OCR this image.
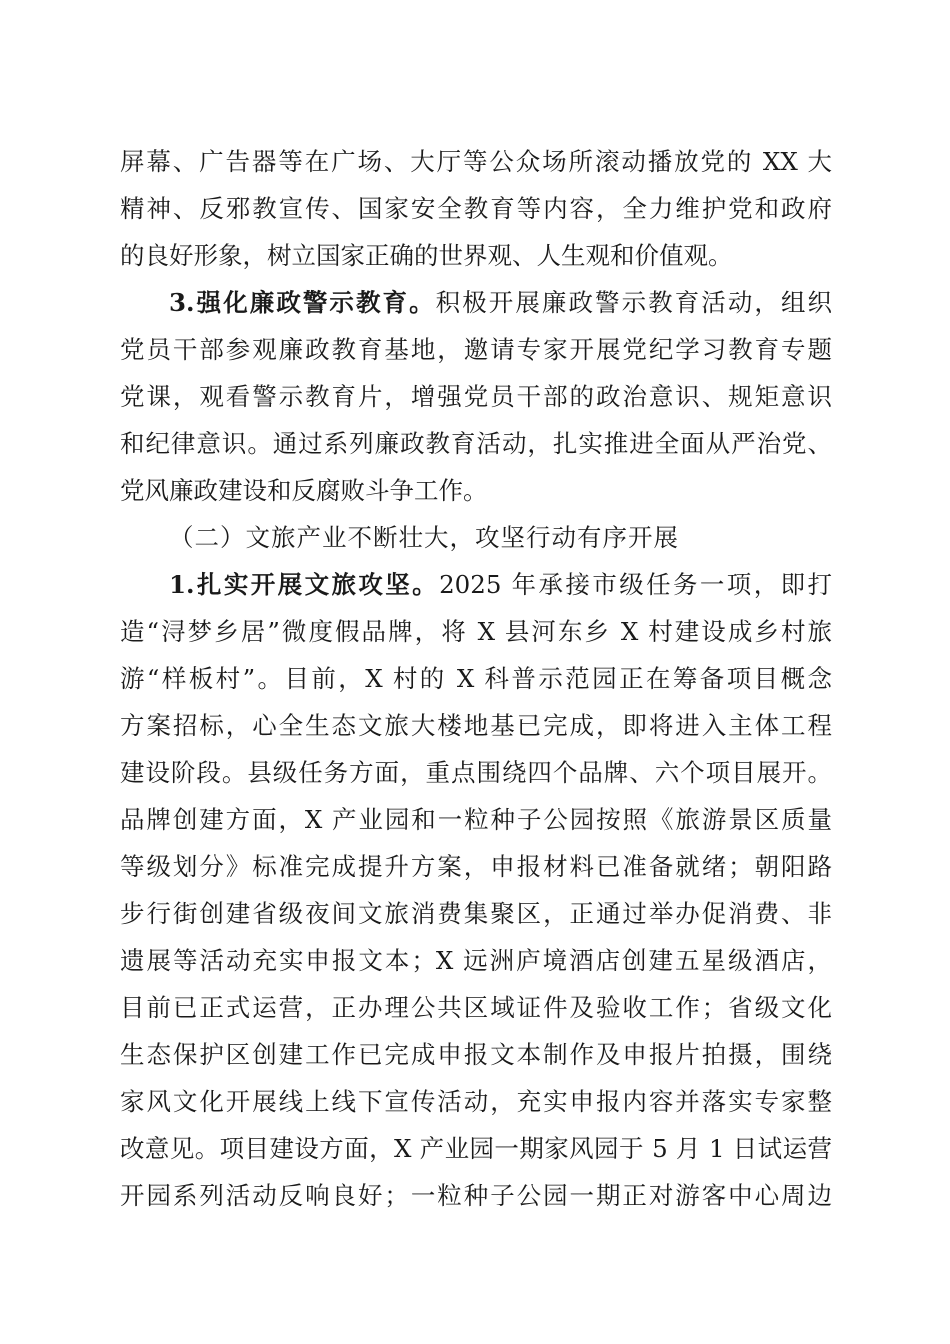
屏幕、广告器等在广场、大厅等公众场所滚动播放党的 XX 大
精神、反邪教宣传、国家安全教育等内容，全力维护党和政府
的良好形象，树立国家正确的世界观、人生观和价值观。
3.强化廉政警示教育。积极开展廉政警示教育活动，组织
党员干部参观廉政教育基地，邀请专家开展党纪学习教育专题
党课，观看警示教育片，增强党员干部的政治意识、规矩意识
和纪律意识。通过系列廉政教育活动，扎实推进全面从严治党、
党风廉政建设和反腐败斗争工作。
（二）文旅产业不断壮大，攻坚行动有序开展
1.扎实开展文旅攻坚。2025 年承接市级任务一项，即打
造“浔梦乡居”微度假品牌，将 X 县河东乡 X 村建设成乡村旅
游“样板村”。目前，X 村的 X 科普示范园正在筹备项目概念
方案招标，心全生态文旅大楼地基已完成，即将进入主体工程
建设阶段。县级任务方面，重点围绕四个品牌、六个项目展开。
品牌创建方面，X 产业园和一粒种子公园按照《旅游景区质量
等级划分》标准完成提升方案，申报材料已准备就绪；朝阳路
步行街创建省级夜间文旅消费集聚区，正通过举办促消费、非
遗展等活动充实申报文本；X 远洲庐境酒店创建五星级酒店，
目前已正式运营，正办理公共区域证件及验收工作；省级文化
生态保护区创建工作已完成申报文本制作及申报片拍摄，围绕
家风文化开展线上线下宣传活动，充实申报内容并落实专家整
改意见。项目建设方面，X 产业园一期家风园于 5 月 1 日试运营
开园系列活动反响良好；一粒种子公园一期正对游客中心周边
